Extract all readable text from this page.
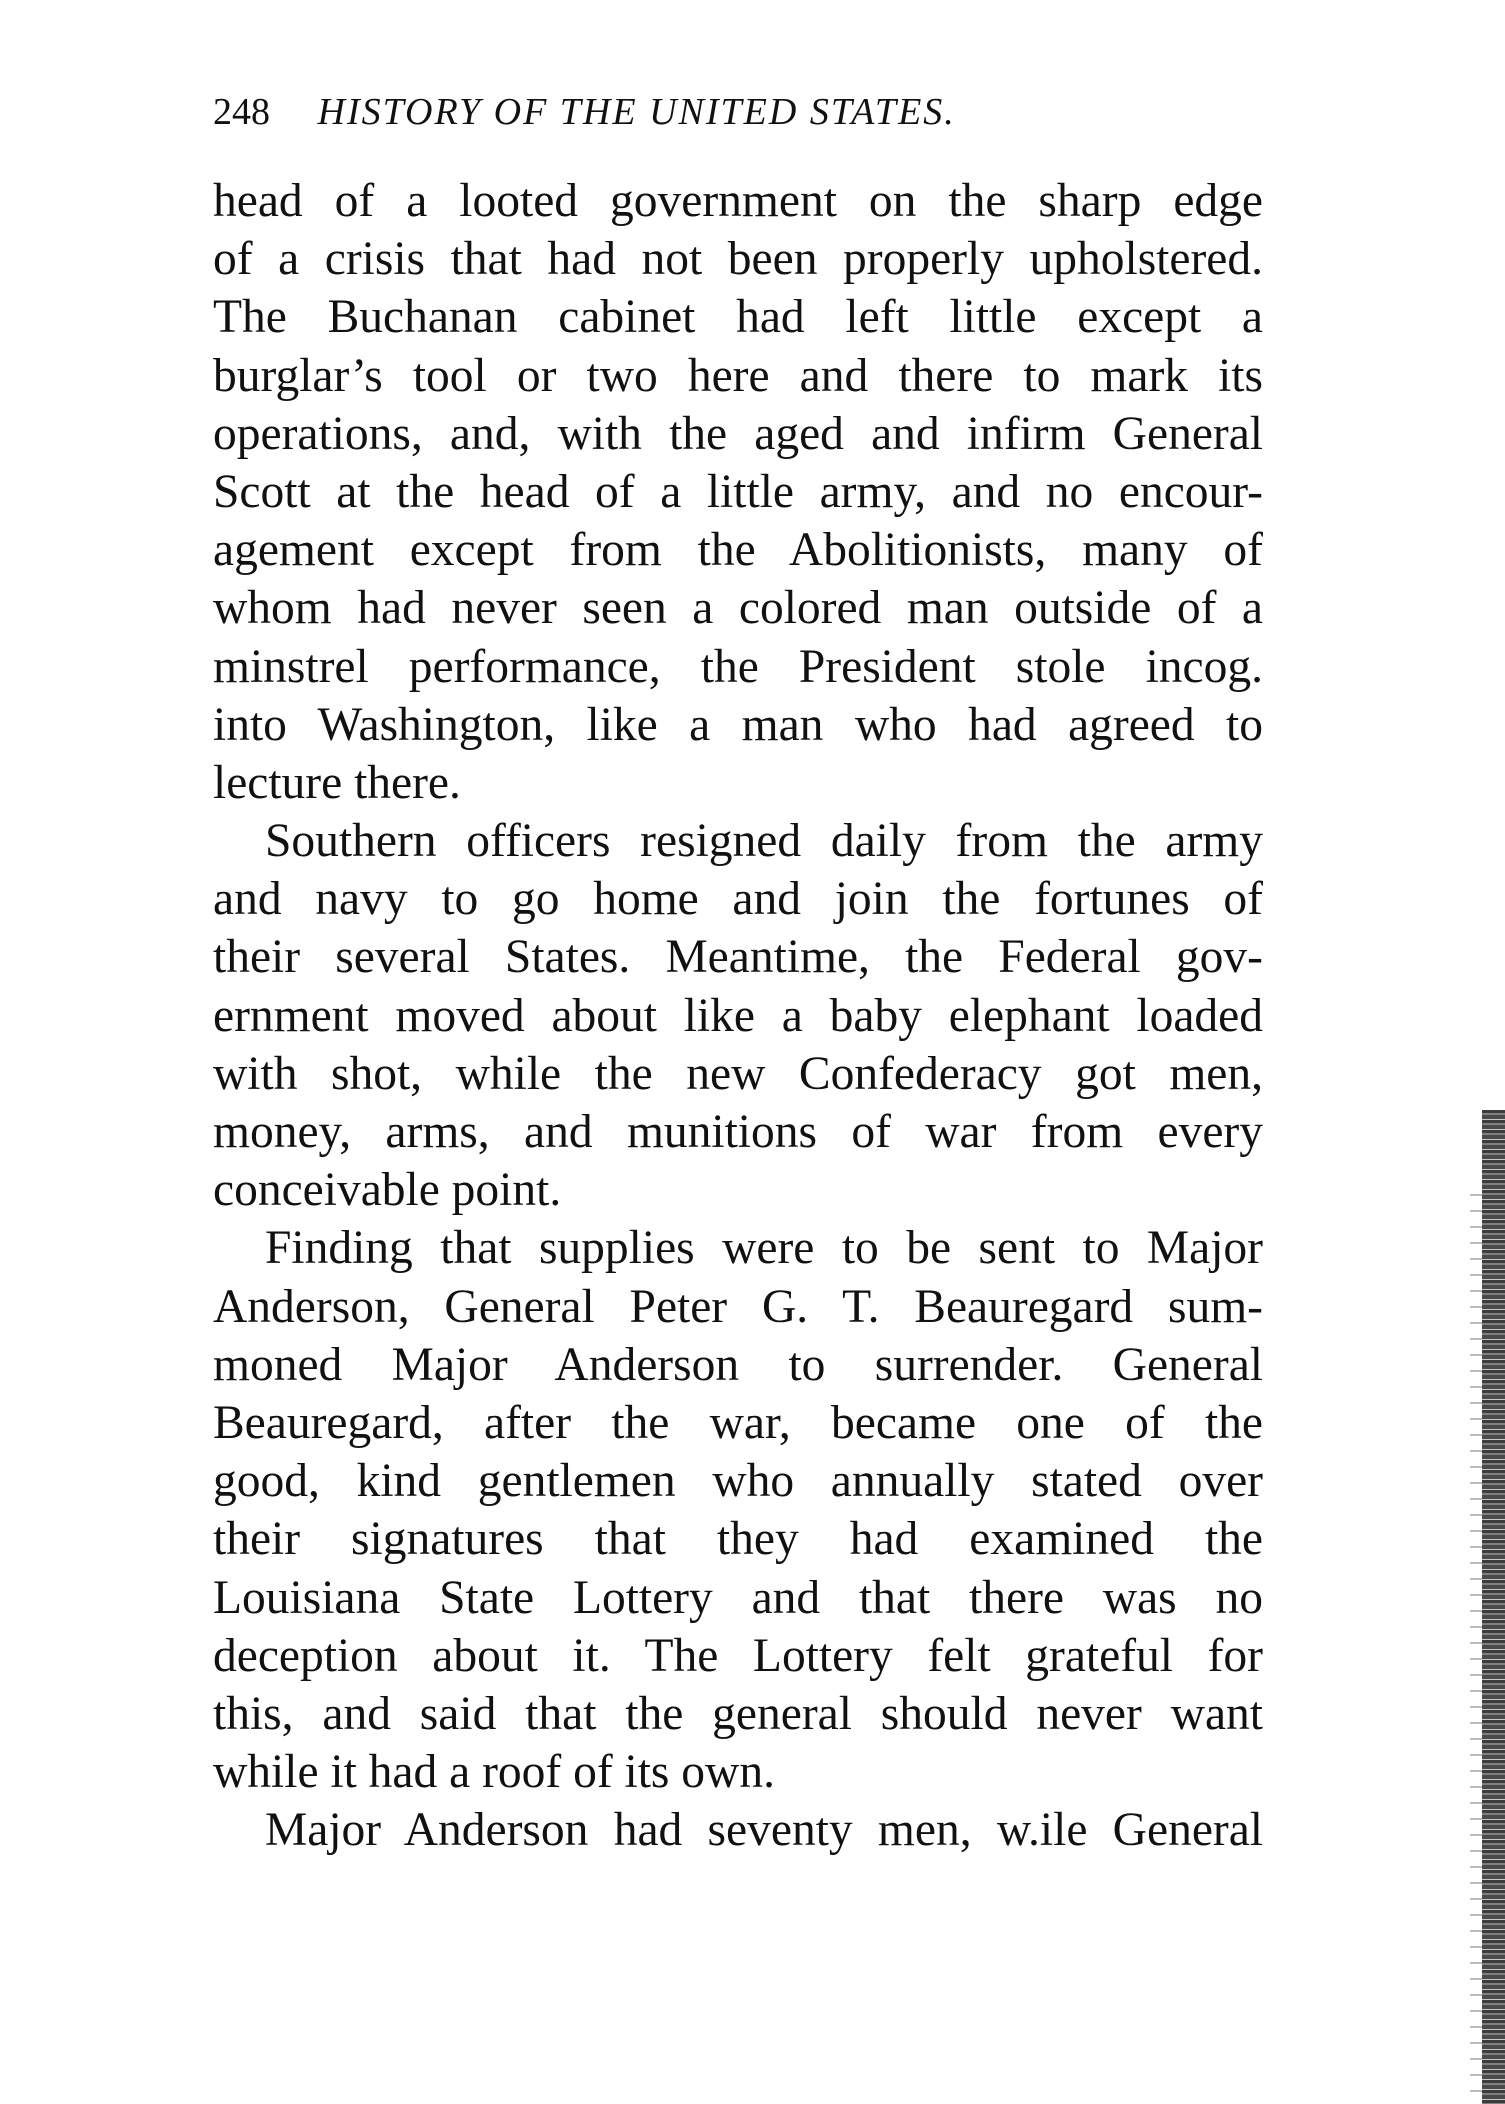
248 HISTORY OF THE UNITED STATES.
head of a looted government on the sharp edge
of a crisis that had not been properly upholstered.
The Buchanan cabinet had left little except a
burglar’s tool or two here and there to mark its
operations, and, with the aged and infirm General
Scott at the head of a little army, and no encour-
agement except from the Abolitionists, many of
whom had never seen a colored man outside of a
minstrel performance, the President stole incog.
into Washington, like a man who had agreed to
lecture there.
Southern officers resigned daily from the army
and navy to go home and join the fortunes of
their several States. Meantime, the Federal gov-
ernment moved about like a baby elephant loaded
with shot, while the new Confederacy got men,
money, arms, and munitions of war from every
conceivable point.
Finding that supplies were to be sent to Major
Anderson, General Peter G. T. Beauregard sum-
moned Major Anderson to surrender. General
Beauregard, after the war, became one of the
good, kind gentlemen who annually stated over
their signatures that they had examined the
Louisiana State Lottery and that there was no
deception about it. The Lottery felt grateful for
this, and said that the general should never want
while it had a roof of its own.
Major Anderson had seventy men, w.ile General
